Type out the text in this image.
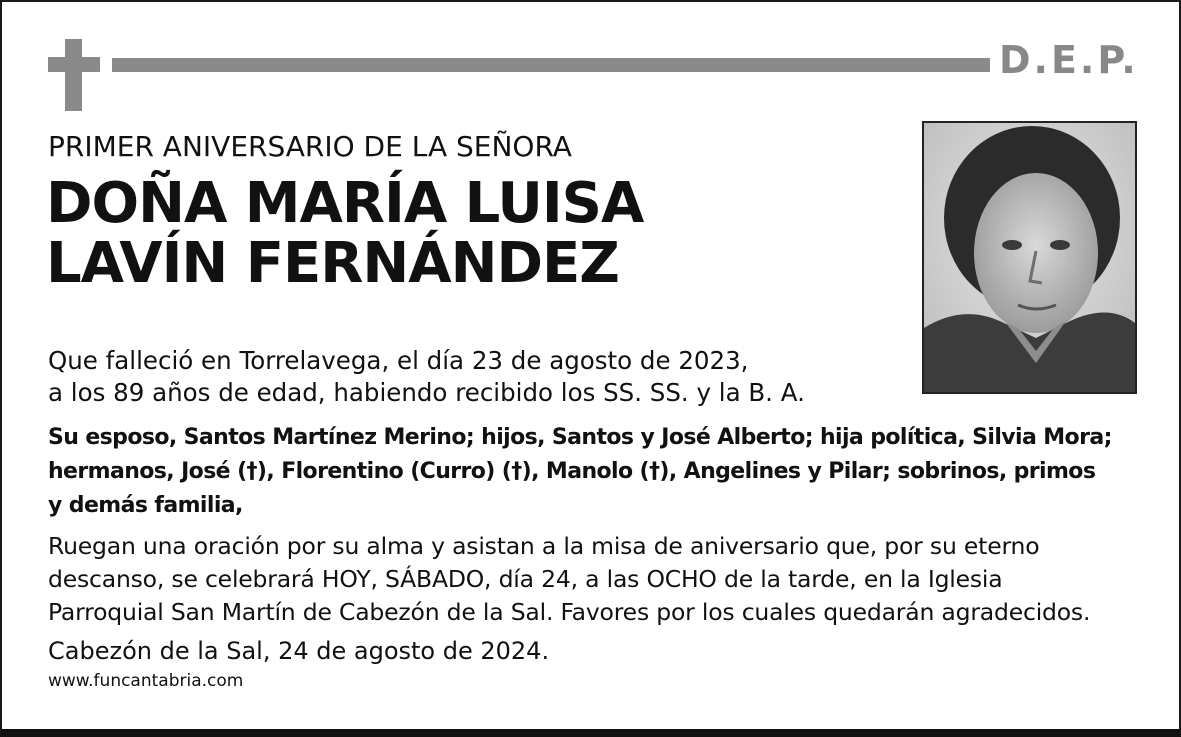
D.E.P.
PRIMER ANIVERSARIO DE LA SEÑORA
DOÑA MARÍA LUISA
LAVÍN FERNÁNDEZ
Que falleció en Torrelavega, el día 23 de agosto de 2023,
a los 89 años de edad, habiendo recibido los SS. SS. y la B. A.
Su esposo, Santos Martínez Merino; hijos, Santos y José Alberto; hija política, Silvia Mora;
hermanos, José (†), Florentino (Curro) (†), Manolo (†), Angelines y Pilar; sobrinos, primos
y demás familia,
Ruegan una oración por su alma y asistan a la misa de aniversario que, por su eterno
descanso, se celebrará HOY, SÁBADO, día 24, a las OCHO de la tarde, en la Iglesia
Parroquial San Martín de Cabezón de la Sal. Favores por los cuales quedarán agradecidos.
Cabezón de la Sal, 24 de agosto de 2024.
www.funcantabria.com
